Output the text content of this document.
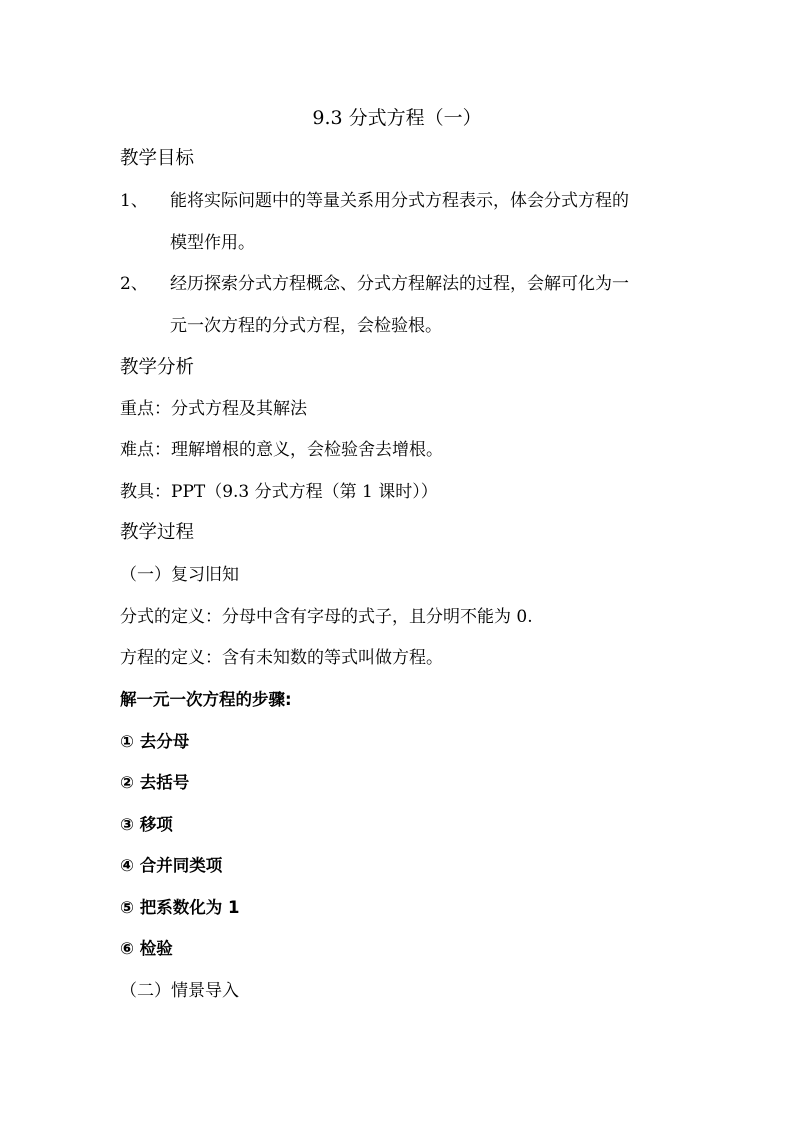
9.3 分式方程（一）
教学目标
1、 能将实际问题中的等量关系用分式方程表示，体会分式方程的
模型作用。
2、 经历探索分式方程概念、分式方程解法的过程，会解可化为一
元一次方程的分式方程，会检验根。
教学分析
重点：分式方程及其解法
难点：理解增根的意义，会检验舍去增根。
教具：PPT（9.3 分式方程（第 1 课时））
教学过程
（一）复习旧知
分式的定义：分母中含有字母的式子，且分明不能为 0.
方程的定义：含有未知数的等式叫做方程。
解一元一次方程的步骤:
① 去分母
② 去括号
③ 移项
④ 合并同类项
⑤ 把系数化为 1
⑥ 检验
（二）情景导入
